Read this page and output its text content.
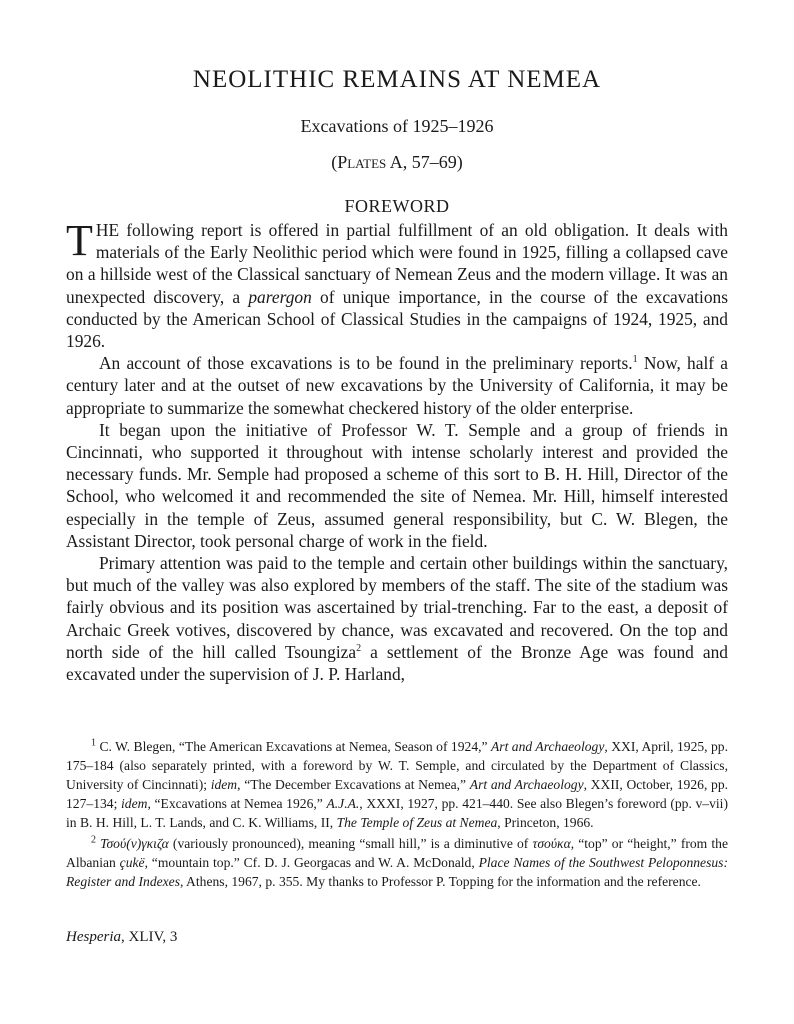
NEOLITHIC REMAINS AT NEMEA
Excavations of 1925–1926
(Plates A, 57–69)
FOREWORD

THE following report is offered in partial fulfillment of an old obligation. It deals with materials of the Early Neolithic period which were found in 1925, filling a collapsed cave on a hillside west of the Classical sanctuary of Nemean Zeus and the modern village. It was an unexpected discovery, a parergon of unique importance, in the course of the excavations conducted by the American School of Classical Studies in the campaigns of 1924, 1925, and 1926.

An account of those excavations is to be found in the preliminary reports.$^1$ Now, half a century later and at the outset of new excavations by the University of California, it may be appropriate to summarize the somewhat checkered history of the older enterprise.

It began upon the initiative of Professor W. T. Semple and a group of friends in Cincinnati, who supported it throughout with intense scholarly interest and provided the necessary funds. Mr. Semple had proposed a scheme of this sort to B. H. Hill, Director of the School, who welcomed it and recommended the site of Nemea. Mr. Hill, himself interested especially in the temple of Zeus, assumed general responsibility, but C. W. Blegen, the Assistant Director, took personal charge of work in the field.

Primary attention was paid to the temple and certain other buildings within the sanctuary, but much of the valley was also explored by members of the staff. The site of the stadium was fairly obvious and its position was ascertained by trial-trenching. Far to the east, a deposit of Archaic Greek votives, discovered by chance, was excavated and recovered. On the top and north side of the hill called Tsoungiza$^2$ a settlement of the Bronze Age was found and excavated under the supervision of J. P. Harland,

$^1$ C. W. Blegen, “The American Excavations at Nemea, Season of 1924,” Art and Archaeology, XXI, April, 1925, pp. 175–184 (also separately printed, with a foreword by W. T. Semple, and circulated by the Department of Classics, University of Cincinnati); idem, “The December Excavations at Nemea,” Art and Archaeology, XXII, October, 1926, pp. 127–134; idem, “Excavations at Nemea 1926,” A.J.A., XXXI, 1927, pp. 421–440. See also Blegen’s foreword (pp. v–vii) in B. H. Hill, L. T. Lands, and C. K. Williams, II, The Temple of Zeus at Nemea, Princeton, 1966.

$^2$ Τσού(ν)γκιζα (variously pronounced), meaning “small hill,” is a diminutive of τσούκα, “top” or “height,” from the Albanian çukë, “mountain top.” Cf. D. J. Georgacas and W. A. McDonald, Place Names of the Southwest Peloponnesus: Register and Indexes, Athens, 1967, p. 355. My thanks to Professor P. Topping for the information and the reference.

Hesperia, XLIV, 3
